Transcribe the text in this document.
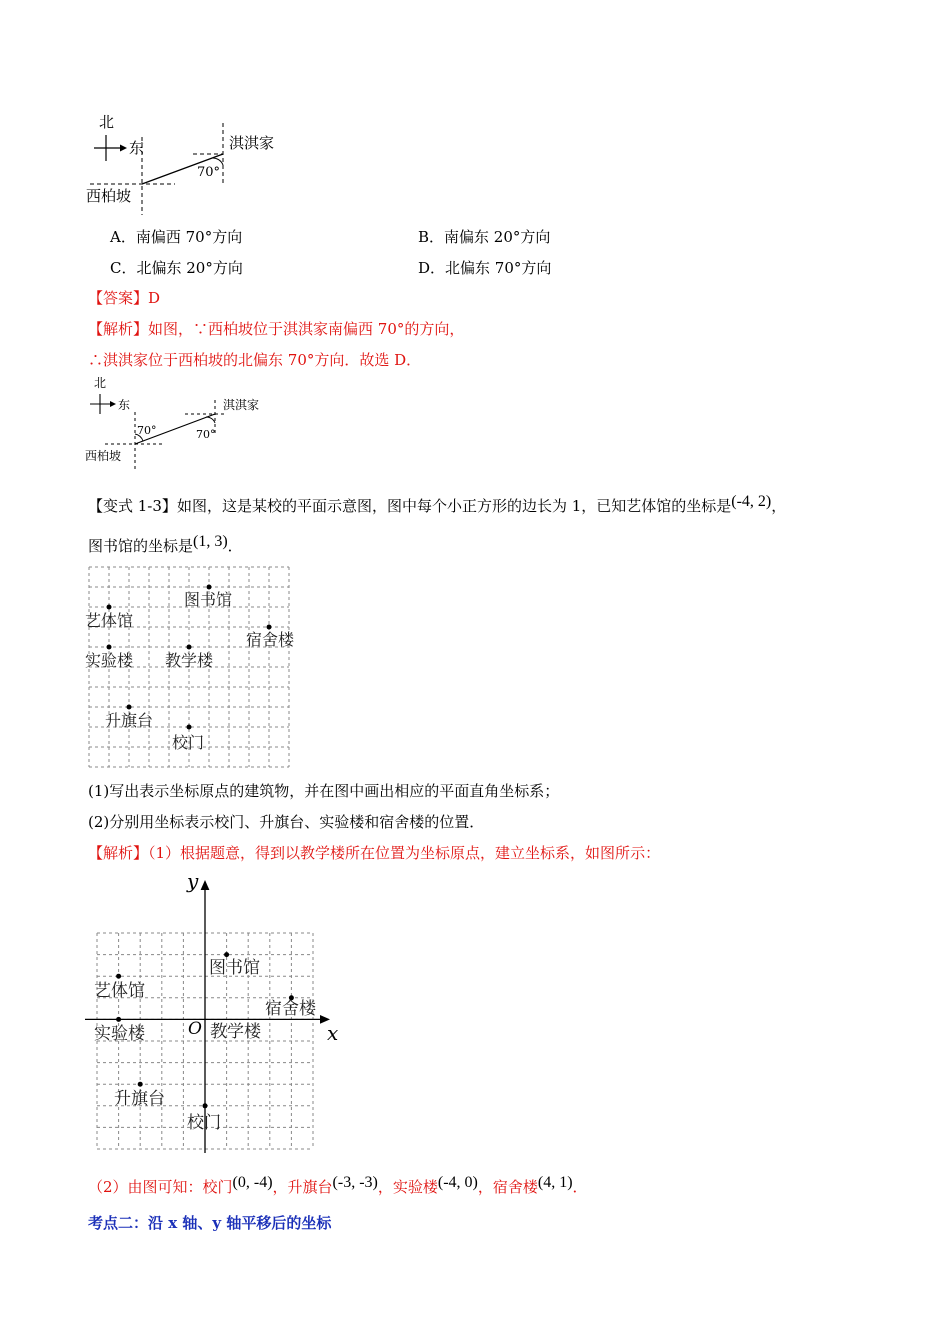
北
东
70°
淇淇家
西柏坡
A．南偏西 70°方向	B．南偏东 20°方向
C．北偏东 20°方向	D．北偏东 70°方向
【答案】D
【解析】如图，∵西柏坡位于淇淇家南偏西 70°的方向，
∴淇淇家位于西柏坡的北偏东 70°方向．故选 D．
北
东
70°	70°
淇淇家
西柏坡
【变式 1-3】如图，这是某校的平面示意图，图中每个小正方形的边长为 1，已知艺体馆的坐标是(-4, 2)，
图书馆的坐标是(1, 3)．
图书馆
艺体馆
宿舍楼
实验楼 教学楼
升旗台
校门
(1)写出表示坐标原点的建筑物，并在图中画出相应的平面直角坐标系；
(2)分别用坐标表示校门、升旗台、实验楼和宿舍楼的位置．
【解析】（1）根据题意，得到以教学楼所在位置为坐标原点，建立坐标系，如图所示：
x
y
O
图书馆
艺体馆
宿舍楼
实验楼	教学楼
升旗台
校门
（2）由图可知：校门(0, -4)，升旗台(-3, -3)，实验楼(-4, 0)，宿舍楼(4, 1)．
考点二：沿 x 轴、y 轴平移后的坐标
